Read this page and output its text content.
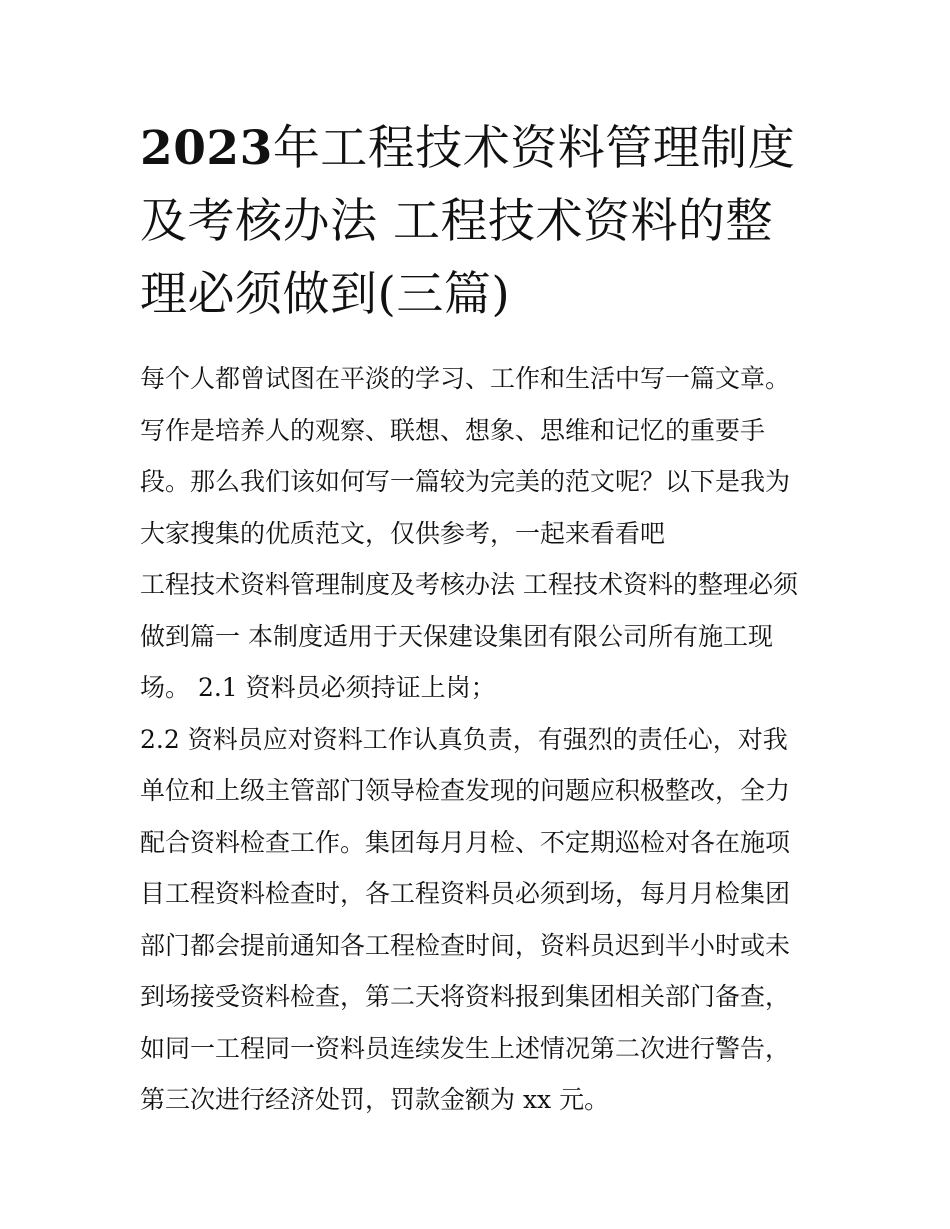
2023年工程技术资料管理制度及考核办法 工程技术资料的整理必须做到(三篇)

每个人都曾试图在平淡的学习、工作和生活中写一篇文章。写作是培养人的观察、联想、想象、思维和记忆的重要手段。那么我们该如何写一篇较为完美的范文呢？以下是我为大家搜集的优质范文，仅供参考，一起来看看吧

工程技术资料管理制度及考核办法 工程技术资料的整理必须做到篇一 本制度适用于天保建设集团有限公司所有施工现场。 2.1 资料员必须持证上岗；

2.2 资料员应对资料工作认真负责，有强烈的责任心，对我单位和上级主管部门领导检查发现的问题应积极整改，全力配合资料检查工作。集团每月月检、不定期巡检对各在施项目工程资料检查时，各工程资料员必须到场，每月月检集团部门都会提前通知各工程检查时间，资料员迟到半小时或未到场接受资料检查，第二天将资料报到集团相关部门备查，如同一工程同一资料员连续发生上述情况第二次进行警告，第三次进行经济处罚，罚款金额为 xx 元。
